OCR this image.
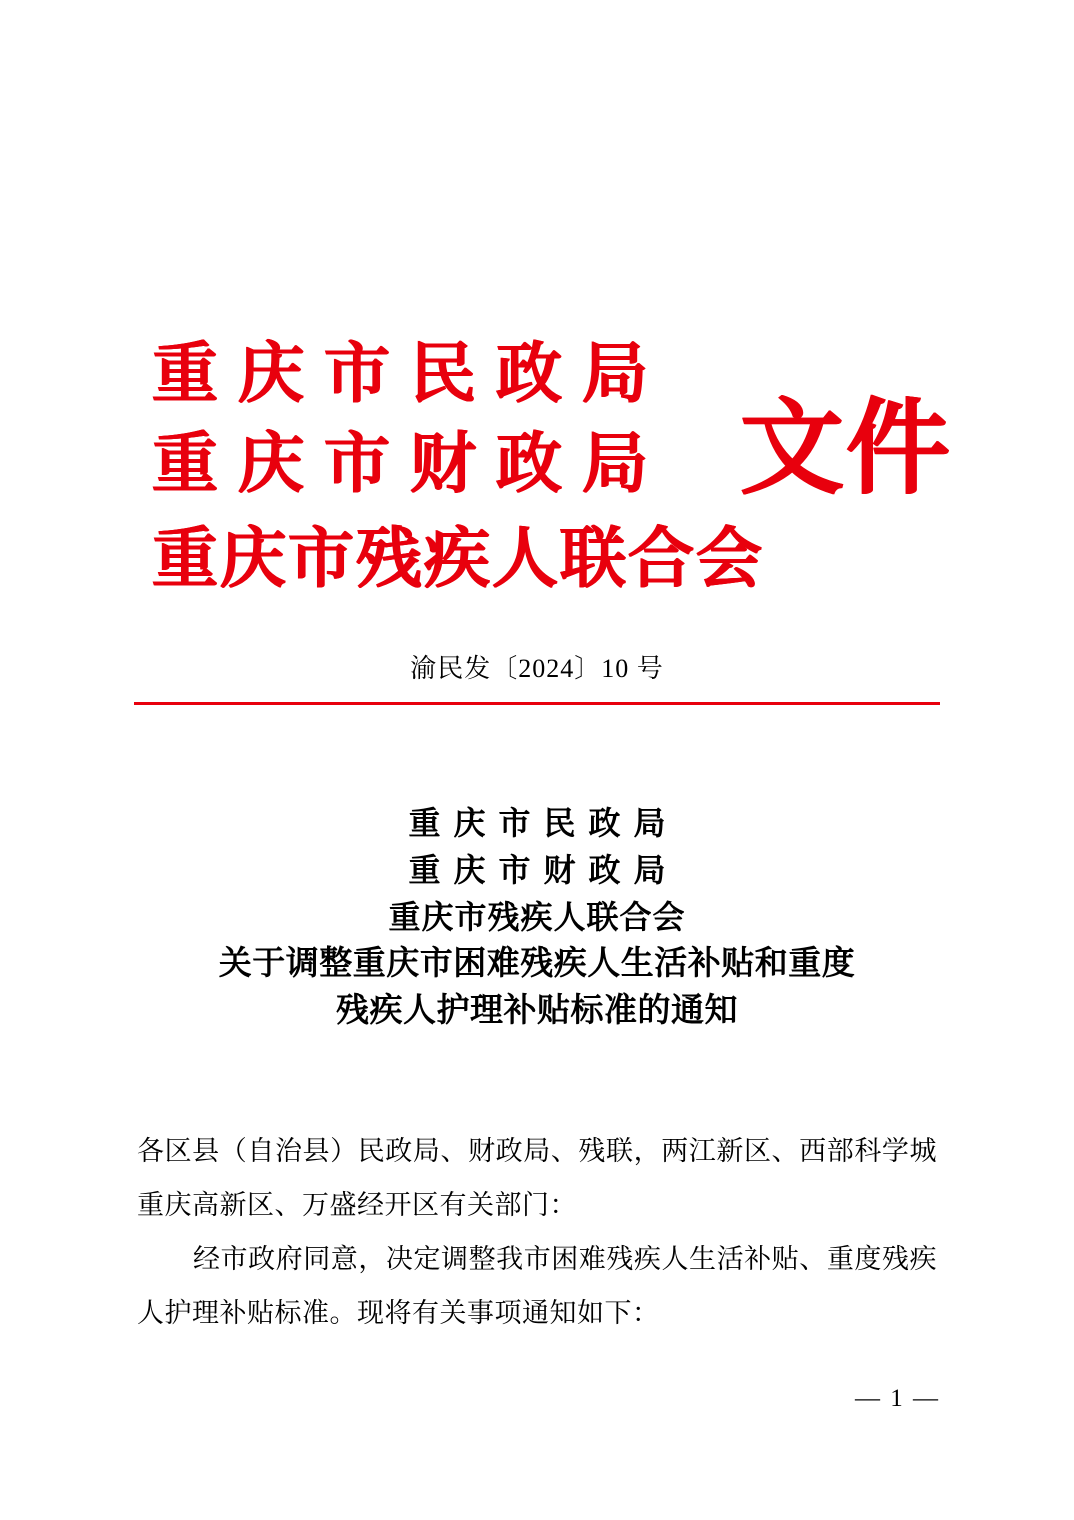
重庆市民政局
重庆市财政局
重庆市残疾人联合会
文件
渝民发〔2024〕10 号
重庆市民政局
重庆市财政局
重庆市残疾人联合会
关于调整重庆市困难残疾人生活补贴和重度
残疾人护理补贴标准的通知
各区县（自治县）民政局、财政局、残联，两江新区、西部科学城重庆高新区、万盛经开区有关部门：
经市政府同意，决定调整我市困难残疾人生活补贴、重度残疾人护理补贴标准。现将有关事项通知如下：
— 1 —
